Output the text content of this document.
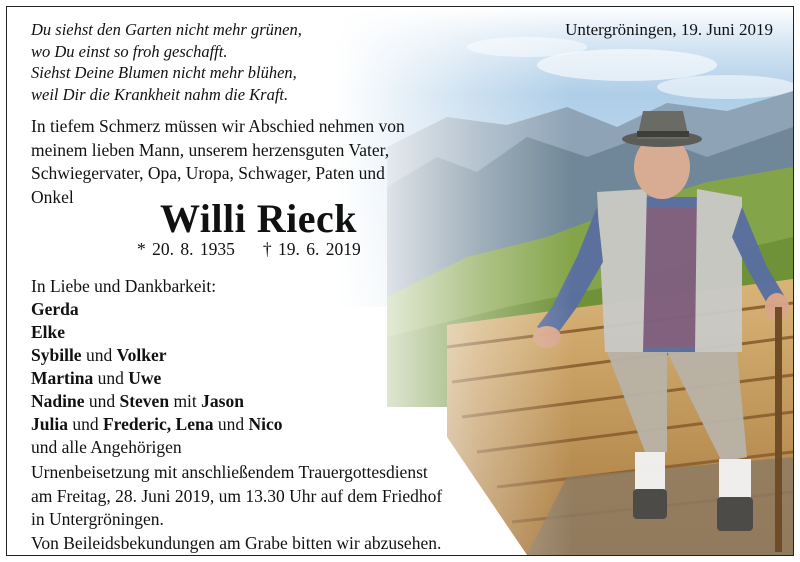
Du siehst den Garten nicht mehr grünen,
wo Du einst so froh geschafft.
Siehst Deine Blumen nicht mehr blühen,
weil Dir die Krankheit nahm die Kraft.
Untergröningen, 19. Juni 2019
In tiefem Schmerz müssen wir Abschied nehmen von
meinem lieben Mann, unserem herzensguten Vater,
Schwiegervater, Opa, Uropa, Schwager, Paten und
Onkel	Willi Rieck
* 20. 8. 1935 † 19. 6. 2019
In Liebe und Dankbarkeit:
Gerda
Elke
Sybille und Volker
Martina und Uwe
Nadine und Steven mit Jason
Julia und Frederic, Lena und Nico
und alle Angehörigen
Urnenbeisetzung mit anschließendem Trauergottesdienst
am Freitag, 28. Juni 2019, um 13.30 Uhr auf dem Friedhof
in Untergröningen.
Von Beileidsbekundungen am Grabe bitten wir abzusehen.
